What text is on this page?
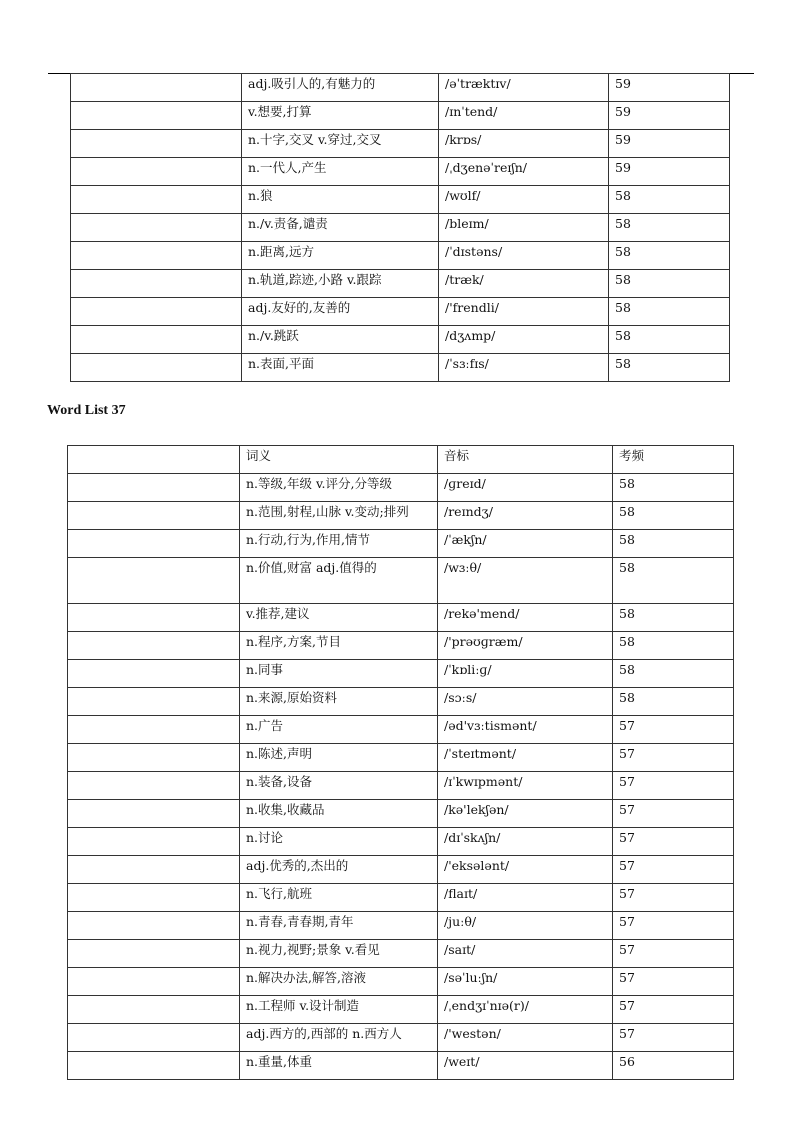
	adj.吸引人的,有魅力的	/əˈtræktɪv/	59
	v.想要,打算	/ɪnˈtend/	59
	n.十字,交叉 v.穿过,交叉	/krɒs/	59
	n.一代人,产生	/ˌdʒenəˈreɪʃn/	59
	n.狼	/wʊlf/	58
	n./v.责备,谴责	/bleɪm/	58
	n.距离,远方	/ˈdɪstəns/	58
	n.轨道,踪迹,小路 v.跟踪	/træk/	58
	adj.友好的,友善的	/'frendli/	58
	n./v.跳跃	/dʒʌmp/	58
	n.表面,平面	/ˈsɜːfɪs/	58
Word List 37
	词义	音标	考频
	n.等级,年级 v.评分,分等级	/ɡreɪd/	58
	n.范围,射程,山脉 v.变动;排列	/reɪndʒ/	58
	n.行动,行为,作用,情节	/ˈækʃn/	58
	n.价值,财富 adj.值得的	/wɜːθ/	58
	v.推荐,建议	/rekə'mend/	58
	n.程序,方案,节目	/'prəʊɡræm/	58
	n.同事	/ˈkɒliːɡ/	58
	n.来源,原始资料	/sɔːs/	58
	n.广告	/əd'vɜːtismənt/	57
	n.陈述,声明	/ˈsteɪtmənt/	57
	n.装备,设备	/ɪˈkwɪpmənt/	57
	n.收集,收藏品	/kə'lekʃən/	57
	n.讨论	/dɪˈskʌʃn/	57
	adj.优秀的,杰出的	/'eksələnt/	57
	n.飞行,航班	/flaɪt/	57
	n.青春,青春期,青年	/juːθ/	57
	n.视力,视野;景象 v.看见	/saɪt/	57
	n.解决办法,解答,溶液	/səˈluːʃn/	57
	n.工程师 v.设计制造	/ˌendʒɪˈnɪə(r)/	57
	adj.西方的,西部的 n.西方人	/'westən/	57
	n.重量,体重	/weɪt/	56
